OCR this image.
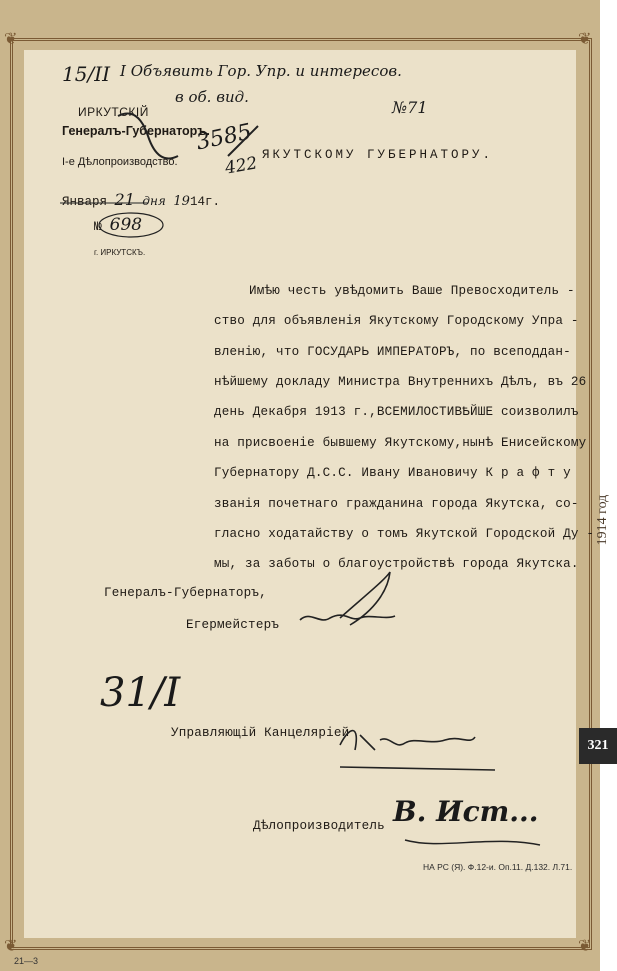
❦	❦
❦	❦
15/II I Объявить Гор. Упр. и интересов.
в об. вид.
№71
ИРКУТСКІЙ
Генералъ-Губернаторъ.
I-е Дѣлопроизводство.
3585
422 ЯКУТСКОМУ ГУБЕРНАТОРУ.
Января 21 дня 1914г.
№ 698
г. ИРКУТСКЪ.
Имѣю честь увѣдомить Ваше Превосходитель -
ство для объявленія Якутскому Городскому Упра -
вленію, что ГОСУДАРЬ ИМПЕРАТОРЪ, по всеподдан-
нѣйшему докладу Министра Внутреннихъ Дѣлъ, въ 26
день Декабря 1913 г.,ВСЕМИЛОСТИВѢЙШЕ соизволилъ
на присвоеніе бывшему Якутскому,нынѣ Енисейскому
Губернатору Д.С.С. Ивану Ивановичу К р а ф т у
званія почетнаго гражданина города Якутска, со-
гласно ходатайству о томъ Якутской Городской Ду -
мы, за заботы о благоустройствѣ города Якутска.
Генералъ-Губернаторъ,
Егермейстеръ
31/I
Управляющій Канцеляріей
Дѣлопроизводитель В. Ист...
НА РС (Я). Ф.12-и. Оп.11. Д.132. Л.71.
1914 год
321
21—3
